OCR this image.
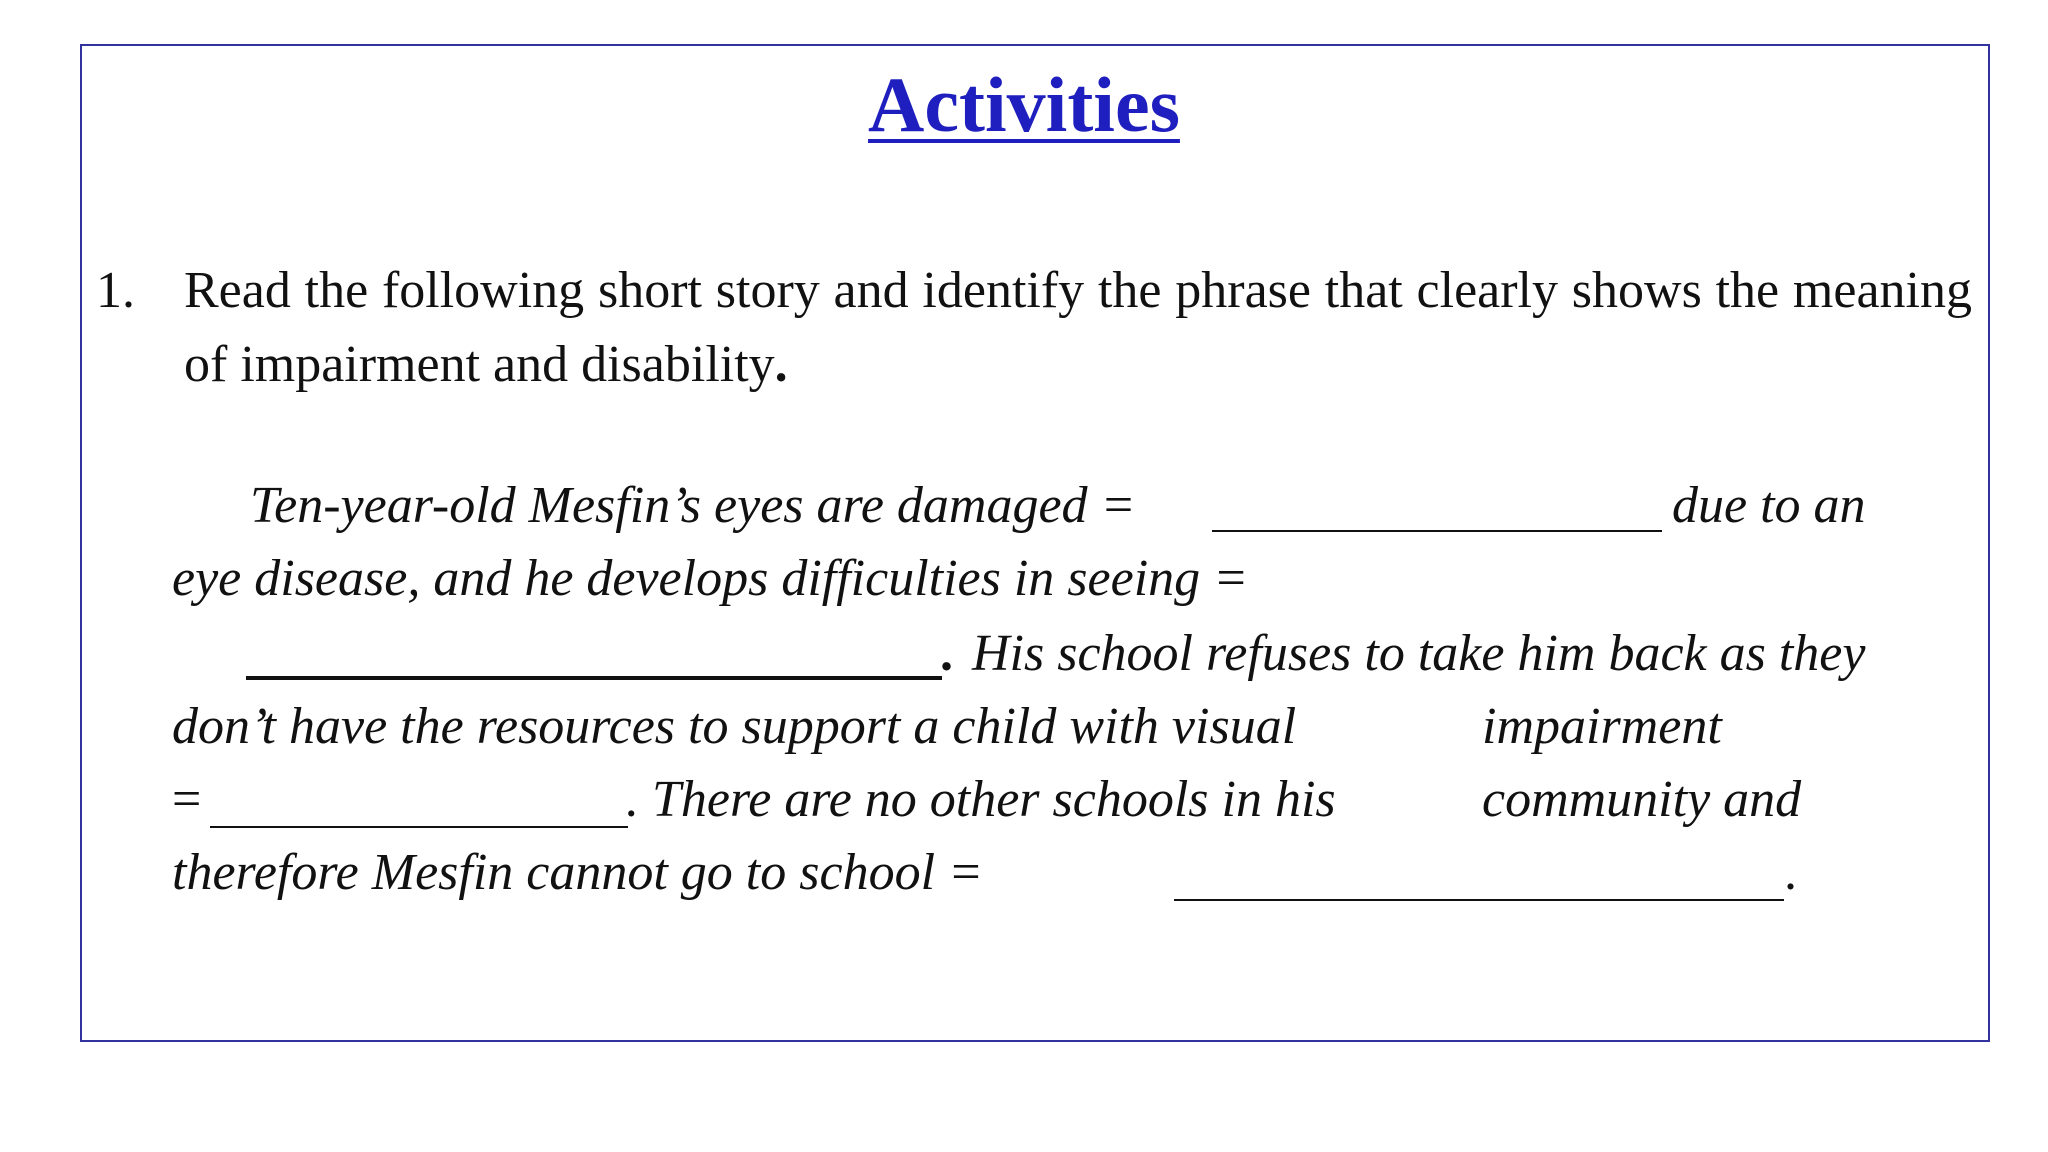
Activities
1. Read the following short story and identify the phrase that clearly shows the meaning of impairment and disability.
Ten-year-old Mesfin’s eyes are damaged =	due to an
eye disease, and he develops difficulties in seeing =
. His school refuses to take him back as they
don’t have the resources to support a child with visual	impairment
=	. There are no other schools in his	community and
therefore Mesfin cannot go to school =	.
